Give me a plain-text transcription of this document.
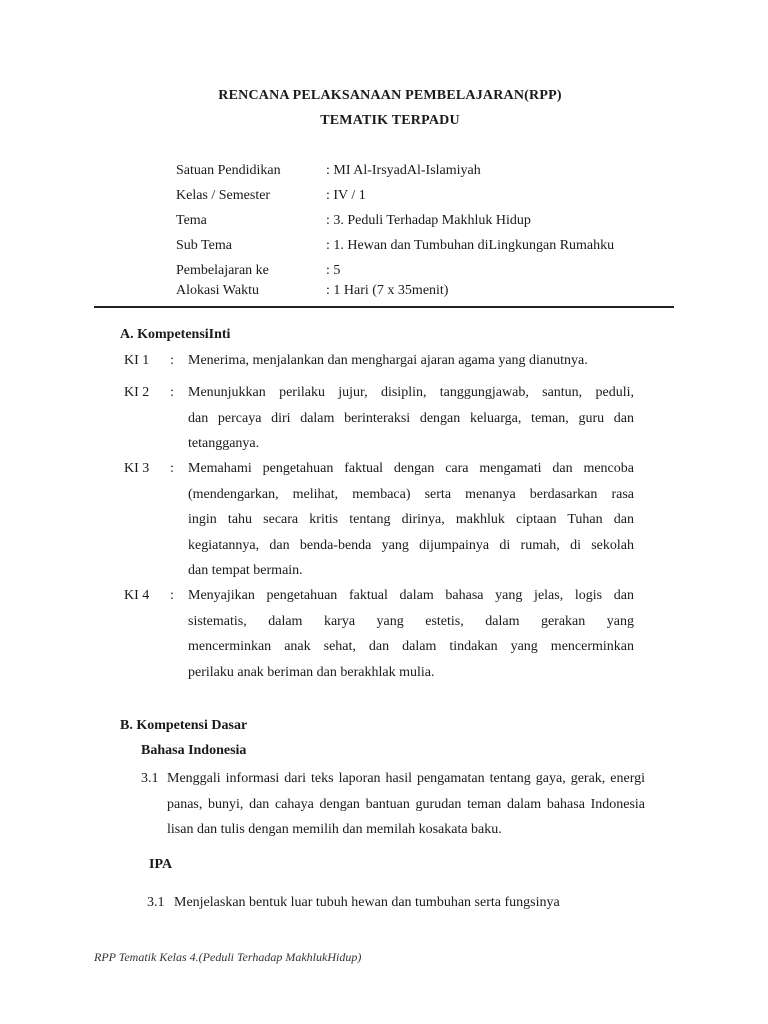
RENCANA PELAKSANAAN PEMBELAJARAN(RPP)
TEMATIK TERPADU
Satuan Pendidikan	: MI Al-IrsyadAl-Islamiyah
Kelas / Semester	: IV / 1
Tema	: 3. Peduli Terhadap Makhluk Hidup
Sub Tema	: 1. Hewan dan Tumbuhan diLingkungan Rumahku
Pembelajaran ke	: 5
Alokasi Waktu	: 1 Hari (7 x 35menit)
A. KompetensiInti
KI 1 : Menerima, menjalankan dan menghargai ajaran agama yang dianutnya.
KI 2 : Menunjukkan perilaku jujur, disiplin, tanggungjawab, santun, peduli,
dan percaya diri dalam berinteraksi dengan keluarga, teman, guru dan
tetangganya.
KI 3 : Memahami pengetahuan faktual dengan cara mengamati dan mencoba
(mendengarkan, melihat, membaca) serta menanya berdasarkan rasa
ingin tahu secara kritis tentang dirinya, makhluk ciptaan Tuhan dan
kegiatannya, dan benda-benda yang dijumpainya di rumah, di sekolah
dan tempat bermain.
KI 4 : Menyajikan pengetahuan faktual dalam bahasa yang jelas, logis dan
sistematis, dalam karya yang estetis, dalam gerakan yang
mencerminkan anak sehat, dan dalam tindakan yang mencerminkan
perilaku anak beriman dan berakhlak mulia.
B. Kompetensi Dasar
Bahasa Indonesia
3.1 Menggali informasi dari teks laporan hasil pengamatan tentang gaya, gerak, energi
panas, bunyi, dan cahaya dengan bantuan gurudan teman dalam bahasa Indonesia
lisan dan tulis dengan memilih dan memilah kosakata baku.
IPA
3.1 Menjelaskan bentuk luar tubuh hewan dan tumbuhan serta fungsinya
RPP Tematik Kelas 4.(Peduli Terhadap MakhlukHidup)
